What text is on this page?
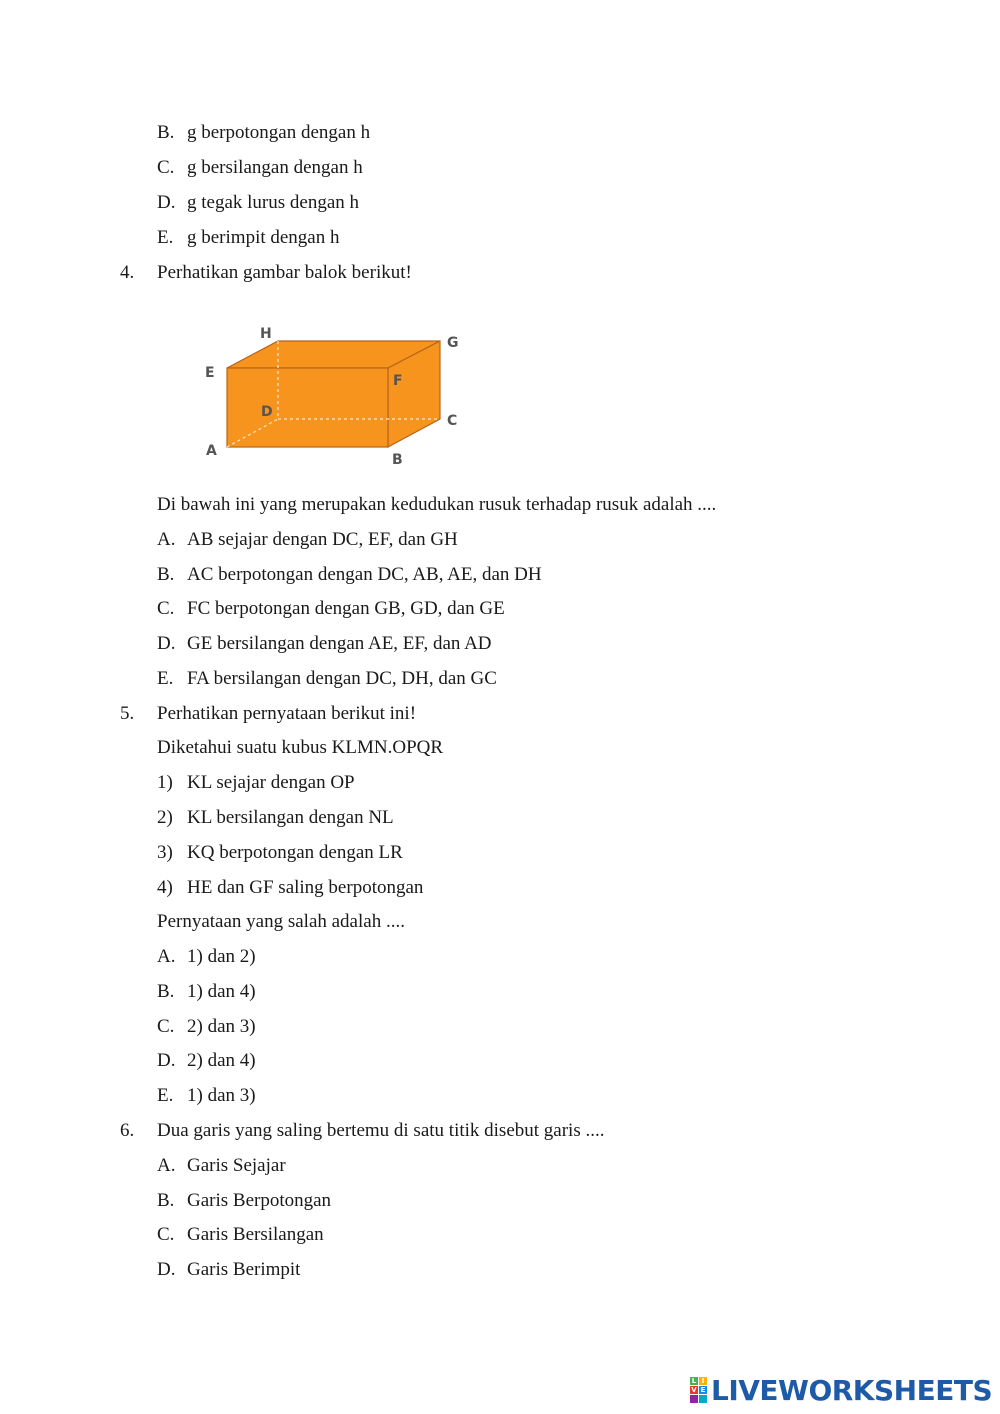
B. g berpotongan dengan h
C. g bersilangan dengan h
D. g tegak lurus dengan h
E. g berimpit dengan h
4. Perhatikan gambar balok berikut!
H
G
E	F
D
C
A
B
Di bawah ini yang merupakan kedudukan rusuk terhadap rusuk adalah ....
A. AB sejajar dengan DC, EF, dan GH
B. AC berpotongan dengan DC, AB, AE, dan DH
C. FC berpotongan dengan GB, GD, dan GE
D. GE bersilangan dengan AE, EF, dan AD
E. FA bersilangan dengan DC, DH, dan GC
5. Perhatikan pernyataan berikut ini!
Diketahui suatu kubus KLMN.OPQR
1) KL sejajar dengan OP
2) KL bersilangan dengan NL
3) KQ berpotongan dengan LR
4) HE dan GF saling berpotongan
Pernyataan yang salah adalah ....
A. 1) dan 2)
B. 1) dan 4)
C. 2) dan 3)
D. 2) dan 4)
E. 1) dan 3)
6. Dua garis yang saling bertemu di satu titik disebut garis ....
A. Garis Sejajar
B. Garis Berpotongan
C. Garis Bersilangan
D. Garis Berimpit
L I
V E LIVEWORKSHEETS
